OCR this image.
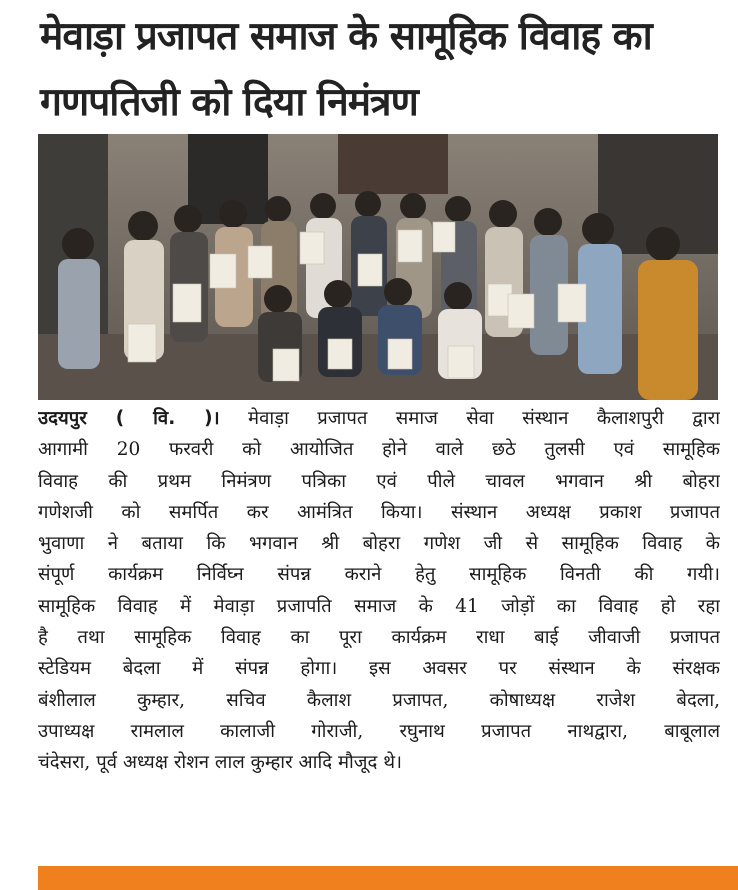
मेवाड़ा प्रजापत समाज के सामूहिक विवाह का
गणपतिजी को दिया निमंत्रण
उदयपुर ( वि. )। मेवाड़ा प्रजापत समाज सेवा संस्थान कैलाशपुरी द्वारा
आगामी 20 फरवरी को आयोजित होने वाले छठे तुलसी एवं सामूहिक
विवाह की प्रथम निमंत्रण पत्रिका एवं पीले चावल भगवान श्री बोहरा
गणेशजी को समर्पित कर आमंत्रित किया। संस्थान अध्यक्ष प्रकाश प्रजापत
भुवाणा ने बताया कि भगवान श्री बोहरा गणेश जी से सामूहिक विवाह के
संपूर्ण कार्यक्रम निर्विघ्न संपन्न कराने हेतु सामूहिक विनती की गयी।
सामूहिक विवाह में मेवाड़ा प्रजापति समाज के 41 जोड़ों का विवाह हो रहा
है तथा सामूहिक विवाह का पूरा कार्यक्रम राधा बाई जीवाजी प्रजापत
स्टेडियम बेदला में संपन्न होगा। इस अवसर पर संस्थान के संरक्षक
बंशीलाल कुम्हार, सचिव कैलाश प्रजापत, कोषाध्यक्ष राजेश बेदला,
उपाध्यक्ष रामलाल कालाजी गोराजी, रघुनाथ प्रजापत नाथद्वारा, बाबूलाल
चंदेसरा, पूर्व अध्यक्ष रोशन लाल कुम्हार आदि मौजूद थे।
